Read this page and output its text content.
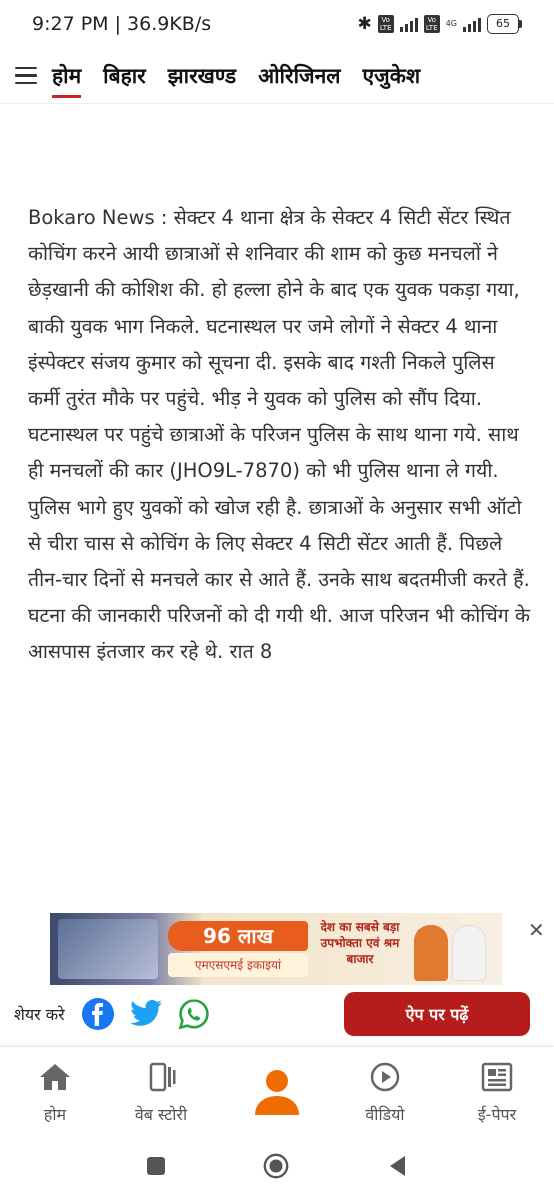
9:27 PM | 36.9KB/s	✱	Vo LTE
Vo LTE 4G	65
होम बिहार झारखण्ड ओरिजिनल एजुकेश

Bokaro News : सेक्टर 4 थाना क्षेत्र के सेक्टर 4 सिटी सेंटर स्थित कोचिंग करने आयी छात्राओं से शनिवार की शाम को कुछ मनचलों ने छेड़खानी की कोशिश की. हो हल्ला होने के बाद एक युवक पकड़ा गया, बाकी युवक भाग निकले. घटनास्थल पर जमे लोगों ने सेक्टर 4 थाना इंस्पेक्टर संजय कुमार को सूचना दी. इसके बाद गश्ती निकले पुलिस कर्मी तुरंत मौके पर पहुंचे. भीड़ ने युवक को पुलिस को सौंप दिया. घटनास्थल पर पहुंचे छात्राओं के परिजन पुलिस के साथ थाना गये. साथ ही मनचलों की कार (JHO9L-7870) को भी पुलिस थाना ले गयी. पुलिस भागे हुए युवकों को खोज रही है. छात्राओं के अनुसार सभी ऑटो से चीरा चास से कोचिंग के लिए सेक्टर 4 सिटी सेंटर आती हैं. पिछले तीन-चार दिनों से मनचले कार से आते हैं. उनके साथ बदतमीजी करते हैं. घटना की जानकारी परिजनों को दी गयी थी. आज परिजन भी कोचिंग के आसपास इंतजार कर रहे थे. रात 8

96 लाख
एमएसएमई इकाइयां
देश का सबसे बड़ा उपभोक्ता एवं श्रम बाजार
✕
शेयर करे	ऐप पर पढ़ें
होम	वेब स्टोरी	वीडियो	ई-पेपर
